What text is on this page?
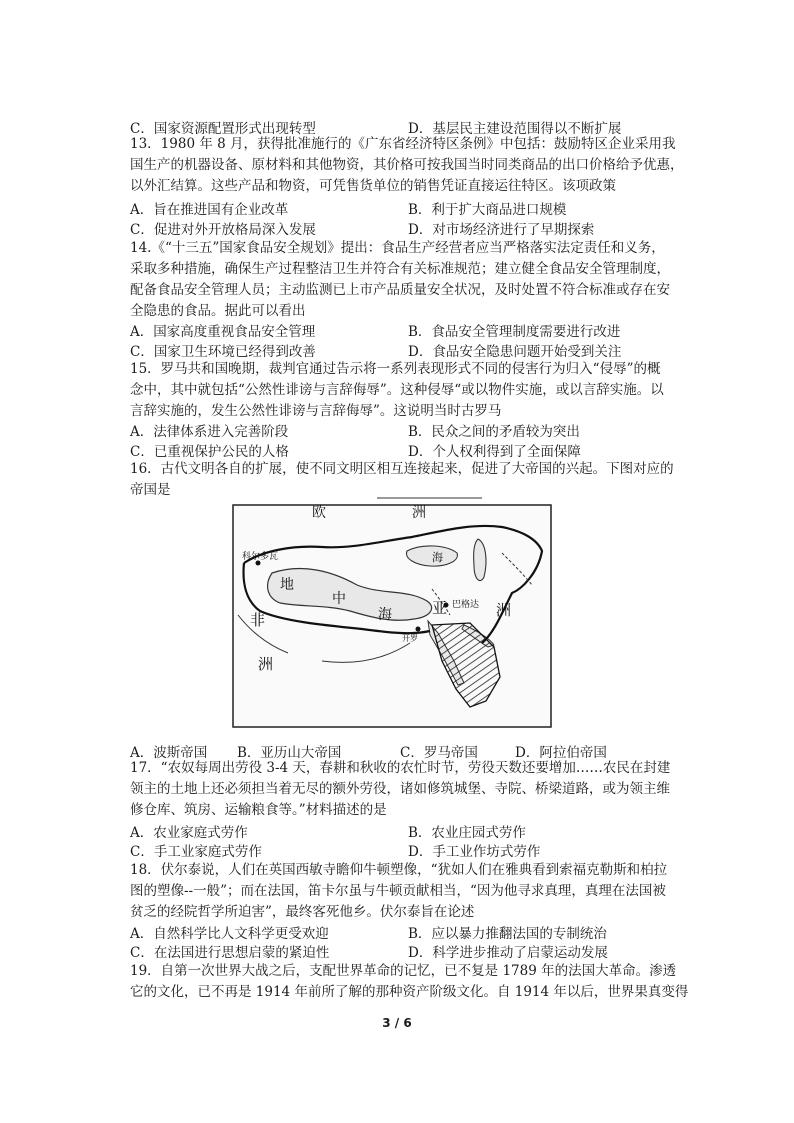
C．国家资源配置形式出现转型	D．基层民主建设范围得以不断扩展
13．1980 年 8 月，获得批准施行的《广东省经济特区条例》中包括：鼓励特区企业采用我
国生产的机器设备、原材料和其他物资，其价格可按我国当时同类商品的出口价格给予优惠，
以外汇结算。这些产品和物资，可凭售货单位的销售凭证直接运往特区。该项政策
A．旨在推进国有企业改革	B．利于扩大商品进口规模
C．促进对外开放格局深入发展	D．对市场经济进行了早期探索
14.《“十三五”国家食品安全规划》提出：食品生产经营者应当严格落实法定责任和义务，
采取多种措施，确保生产过程整洁卫生并符合有关标准规范；建立健全食品安全管理制度，
配备食品安全管理人员；主动监测已上市产品质量安全状况，及时处置不符合标准或存在安
全隐患的食品。据此可以看出
A．国家高度重视食品安全管理	B．食品安全管理制度需要进行改进
C．国家卫生环境已经得到改善	D．食品安全隐患问题开始受到关注
15．罗马共和国晚期，裁判官通过告示将一系列表现形式不同的侵害行为归入“侵辱”的概
念中，其中就包括“公然性诽谤与言辞侮辱”。这种侵辱“或以物件实施，或以言辞实施。以
言辞实施的，发生公然性诽谤与言辞侮辱”。这说明当时古罗马
A．法律体系进入完善阶段	B．民众之间的矛盾较为突出
C．已重视保护公民的人格	D．个人权利得到了全面保障
16．古代文明各自的扩展，使不同文明区相互连接起来，促进了大帝国的兴起。下图对应的
帝国是
欧	洲
亚	洲
非
洲
地
中
海
海
巴格达
科尔多瓦
开罗
A．波斯帝国 B．亚历山大帝国	C．罗马帝国	D．阿拉伯帝国
17．“农奴每周出劳役 3-4 天，春耕和秋收的农忙时节，劳役天数还要增加……农民在封建
领主的土地上还必须担当着无尽的额外劳役，诸如修筑城堡、寺院、桥梁道路，或为领主维
修仓库、筑房、运输粮食等。”材料描述的是
A．农业家庭式劳作	B．农业庄园式劳作
C．手工业家庭式劳作	D．手工业作坊式劳作
18．伏尔泰说，人们在英国西敏寺瞻仰牛顿塑像，“犹如人们在雅典看到索福克勒斯和柏拉
图的塑像--一般”；而在法国，笛卡尔虽与牛顿贡献相当，“因为他寻求真理，真理在法国被
贫乏的经院哲学所迫害”，最终客死他乡。伏尔泰旨在论述
A．自然科学比人文科学更受欢迎	B．应以暴力推翻法国的专制统治
C．在法国进行思想启蒙的紧迫性	D．科学进步推动了启蒙运动发展
19．自第一次世界大战之后，支配世界革命的记忆，已不复是 1789 年的法国大革命。渗透
它的文化，已不再是 1914 年前所了解的那种资产阶级文化。自 1914 年以后，世界果真变得
3 / 6
